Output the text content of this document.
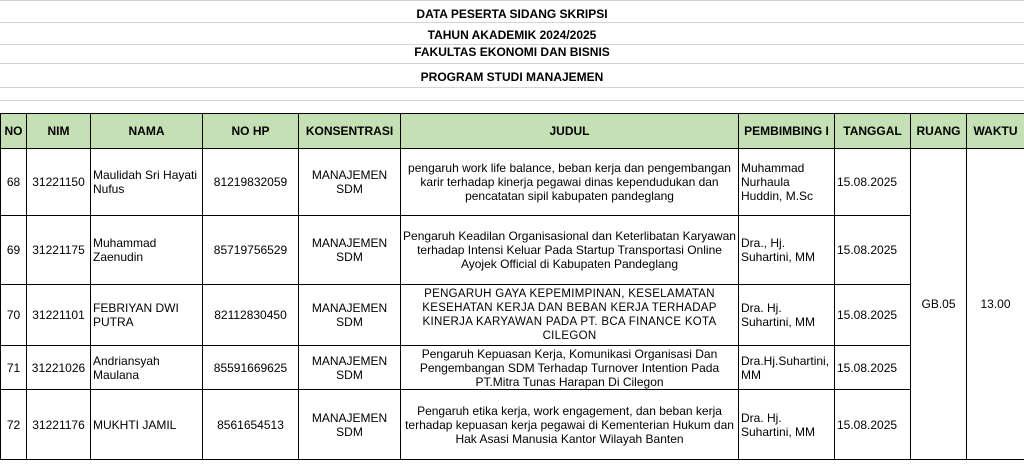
DATA PESERTA SIDANG SKRIPSI
TAHUN AKADEMIK 2024/2025
FAKULTAS EKONOMI DAN BISNIS
PROGRAM STUDI MANAJEMEN
NO	NIM	NAMA	NO HP	KONSENTRASI	JUDUL	PEMBIMBING I	TANGGAL	RUANG	WAKTU
68	31221150	Maulidah Sri Hayati Nufus	81219832059	MANAJEMEN SDM	pengaruh work life balance, beban kerja dan pengembangan karir terhadap kinerja pegawai dinas kependudukan dan pencatatan sipil kabupaten pandeglang	Muhammad Nurhaula Huddin, M.Sc	15.08.2025	GB.05	13.00
69	31221175	Muhammad Zaenudin	85719756529	MANAJEMEN SDM	Pengaruh Keadilan Organisasional dan Keterlibatan Karyawan terhadap Intensi Keluar Pada Startup Transportasi Online Ayojek Official di Kabupaten Pandeglang	Dra., Hj. Suhartini, MM	15.08.2025		
70	31221101	FEBRIYAN DWI PUTRA	82112830450	MANAJEMEN SDM	PENGARUH GAYA KEPEMIMPINAN, KESELAMATAN KESEHATAN KERJA DAN BEBAN KERJA TERHADAP KINERJA KARYAWAN PADA PT. BCA FINANCE KOTA CILEGON	Dra. Hj. Suhartini, MM	15.08.2025		
71	31221026	Andriansyah Maulana	85591669625	MANAJEMEN SDM	Pengaruh Kepuasan Kerja, Komunikasi Organisasi Dan Pengembangan SDM Terhadap Turnover Intention Pada PT.Mitra Tunas Harapan Di Cilegon	Dra.Hj.Suhartini, MM	15.08.2025		
72	31221176	MUKHTI JAMIL	8561654513	MANAJEMEN SDM	Pengaruh etika kerja, work engagement, dan beban kerja terhadap kepuasan kerja pegawai di Kementerian Hukum dan Hak Asasi Manusia Kantor Wilayah Banten	Dra. Hj. Suhartini, MM	15.08.2025		
